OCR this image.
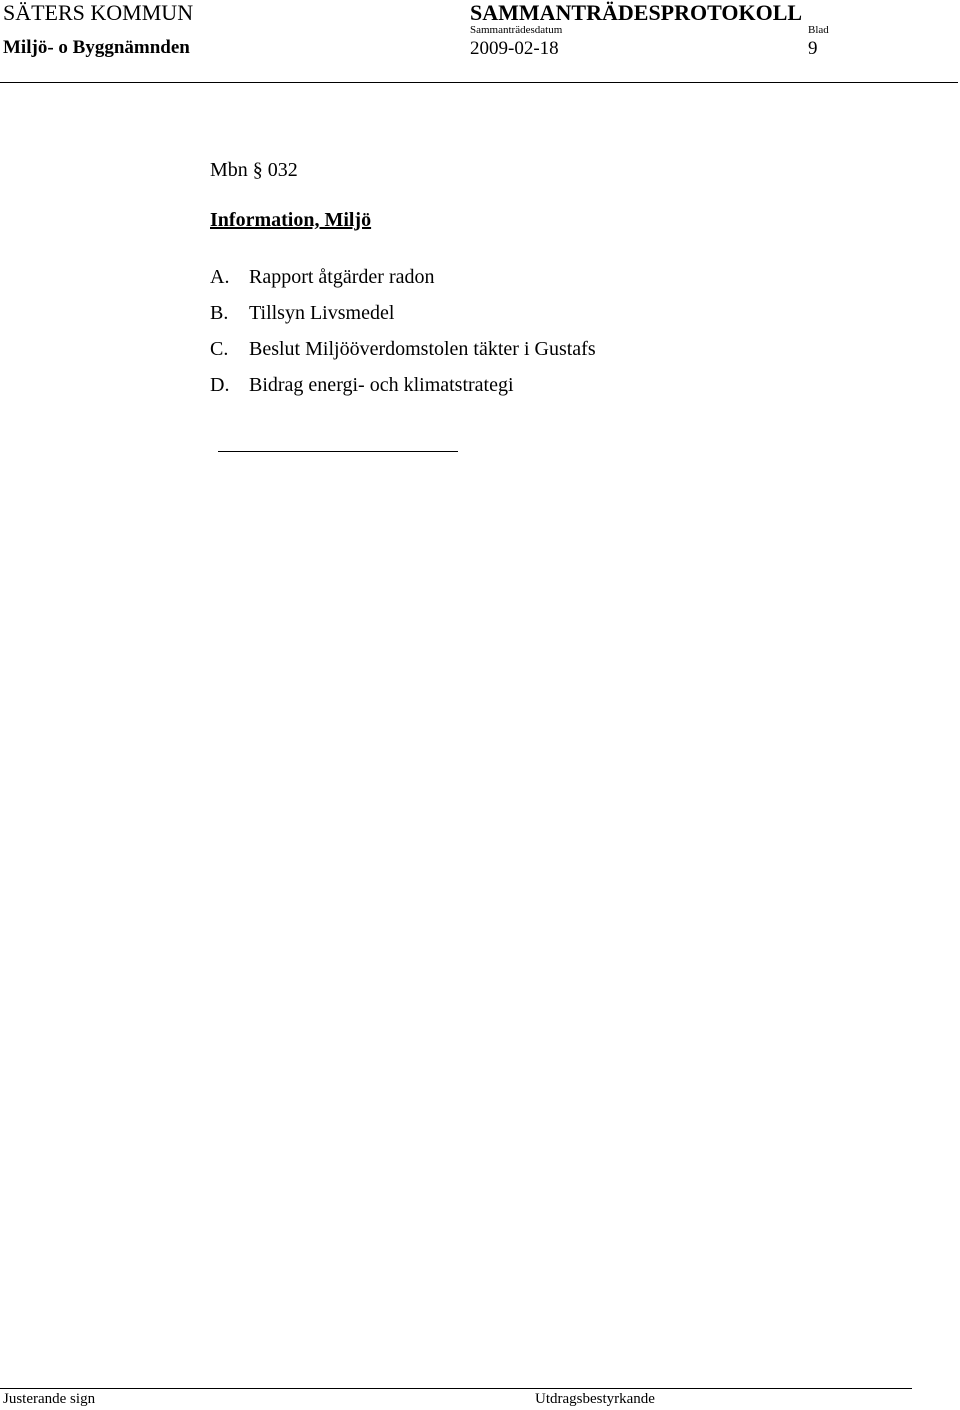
SÄTERS KOMMUN
Miljö- o Byggnämnden
SAMMANTRÄDESPROTOKOLL
Sammanträdesdatum
2009-02-18
Blad
9
Mbn § 032
Information, Miljö
A. Rapport åtgärder radon
B.	Tillsyn Livsmedel
C.	Beslut Miljööverdomstolen täkter i Gustafs
D. Bidrag energi- och klimatstrategi
Justerande sign	Utdragsbestyrkande
